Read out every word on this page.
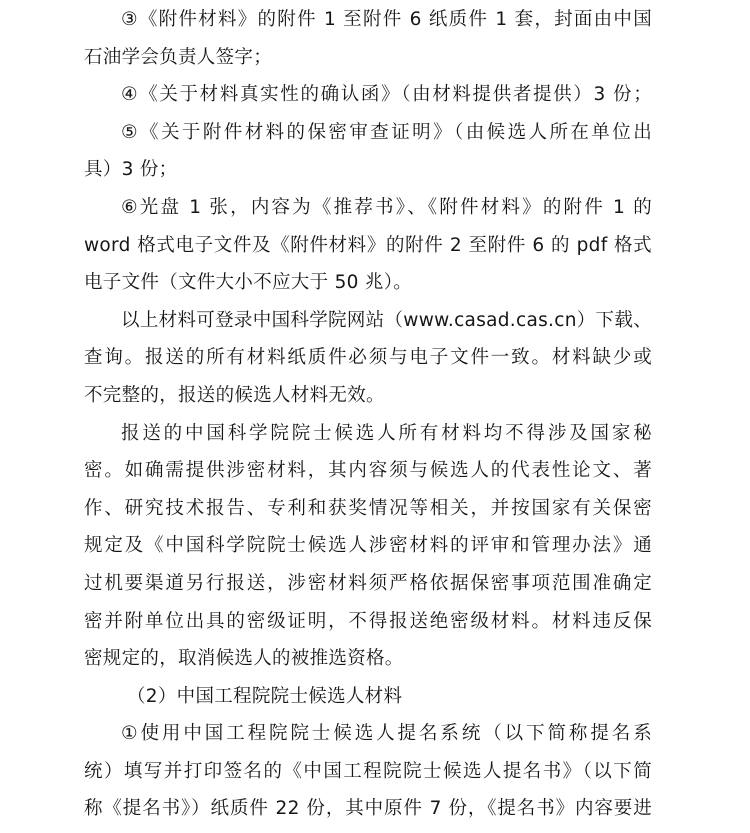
③《附件材料》的附件 1 至附件 6 纸质件 1 套，封面由中国
石油学会负责人签字；
④《关于材料真实性的确认函》（由材料提供者提供）3 份；
⑤《关于附件材料的保密审查证明》（由候选人所在单位出
具）3 份；
⑥光盘 1 张，内容为《推荐书》、《附件材料》的附件 1 的
word 格式电子文件及《附件材料》的附件 2 至附件 6 的 pdf 格式
电子文件（文件大小不应大于 50 兆）。
以上材料可登录中国科学院网站（www.casad.cas.cn）下载、
查询。报送的所有材料纸质件必须与电子文件一致。材料缺少或
不完整的，报送的候选人材料无效。
报送的中国科学院院士候选人所有材料均不得涉及国家秘
密。如确需提供涉密材料，其内容须与候选人的代表性论文、著
作、研究技术报告、专利和获奖情况等相关，并按国家有关保密
规定及《中国科学院院士候选人涉密材料的评审和管理办法》通
过机要渠道另行报送，涉密材料须严格依据保密事项范围准确定
密并附单位出具的密级证明，不得报送绝密级材料。材料违反保
密规定的，取消候选人的被推选资格。
（2）中国工程院院士候选人材料
①使用中国工程院院士候选人提名系统（以下简称提名系
统）填写并打印签名的《中国工程院院士候选人提名书》（以下简
称《提名书》）纸质件 22 份，其中原件 7 份，《提名书》内容要进
